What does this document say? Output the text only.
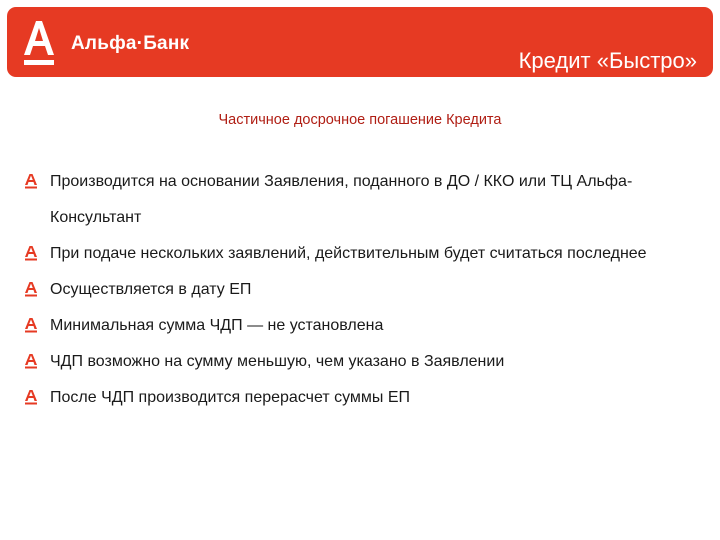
Альфа·Банк
Кредит «Быстро»
Частичное досрочное погашение Кредита
Производится на основании Заявления, поданного в ДО / ККО или ТЦ Альфа-Консультант
При подаче нескольких заявлений, действительным будет считаться последнее
Осуществляется в дату ЕП
Минимальная сумма ЧДП — не установлена
ЧДП возможно на сумму меньшую, чем указано в Заявлении
После ЧДП производится перерасчет суммы ЕП
